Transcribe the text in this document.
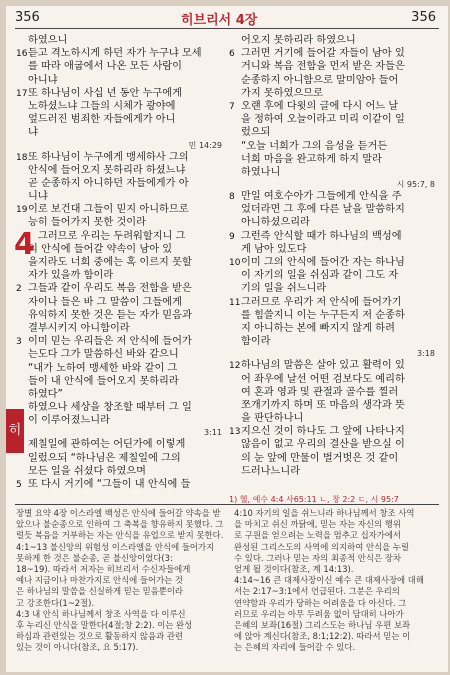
356	히브리서 4장	356
하였으니
16듣고 격노하시게 하던 자가 누구냐 모세
를 따라 애굽에서 나온 모든 사람이
아니냐
17또 하나님이 사십 년 동안 누구에게
노하셨느냐 그들의 시체가 광야에
엎드러진 범죄한 자들에게가 아니
냐
민 14:29
18또 하나님이 누구에게 맹세하사 그의
안식에 들어오지 못하리라 하셨느냐
곧 순종하지 아니하던 자들에게가 아
니냐
19이로 보건대 그들이 믿지 아니하므로
능히 들어가지 못한 것이라
4 그러므로 우리는 두려워할지니 그
의 안식에 들어갈 약속이 남아 있
을지라도 너희 중에는 혹 이르지 못할
자가 있을까 함이라
2 그들과 같이 우리도 복음 전함을 받은
자이나 들은 바 그 말씀이 그들에게
유익하지 못한 것은 듣는 자가 믿음과
결부시키지 아니함이라
3 이미 믿는 우리들은 저 안식에 들어가
는도다 그가 말씀하신 바와 같으니
“내가 노하여 맹세한 바와 같이 그
들이 내 안식에 들어오지 못하리라
하였다”
하였으나 세상을 창조할 때부터 그 일
이 이루어졌느니라
3:11
제칠일에 관하여는 어딘가에 이렇게
일렀으되 “하나님은 제칠일에 그의
모든 일을 쉬셨다 하였으며
5 또 다시 거기에 “그들이 내 안식에 들
어오지 못하리라 하였으니
6 그러면 거기에 들어갈 자들이 남아 있
거니와 복음 전함을 먼저 받은 자들은
순종하지 아니함으로 말미암아 들어
가지 못하였으므로
7 오랜 후에 다윗의 글에 다시 어느 날
을 정하여 오늘이라고 미리 이같이 일
렀으되
“오늘 너희가 그의 음성을 듣거든
너희 마음을 완고하게 하지 말라
하였나니
시 95:7, 8
8 만일 여호수아가 그들에게 안식을 주
었더라면 그 후에 다른 날을 말씀하지
아니하셨으리라
9 그런즉 안식할 때가 하나님의 백성에
게 남아 있도다
10이미 그의 안식에 들어간 자는 하나님
이 자기의 일을 쉬심과 같이 그도 자
기의 일을 쉬느니라
11그러므로 우리가 저 안식에 들어가기
를 힘쓸지니 이는 누구든지 저 순종하
지 아니하는 본에 빠지지 않게 하려
함이라
3:18
12하나님의 말씀은 살아 있고 활력이 있
어 좌우에 날선 어떤 검보다도 예리하
여 혼과 영과 및 관절과 골수를 찔러
쪼개기까지 하며 또 마음의 생각과 뜻
을 판단하나니
13지으신 것이 하나도 그 앞에 나타나지
않음이 없고 우리의 결산을 받으실 이
의 눈 앞에 만물이 벌거벗은 것 같이
드러나느니라
히
1) 헬, 예수 4:4 사65:11 ㄴ, 창 2:2 ㄷ, 시 95:7
장별 요약 4장 이스라엘 백성은 안식에 들어갈 약속을 받
았으나 불순종으로 인하여 그 축복을 향유하지 못했다. 그
럴듯 복음을 거부하는 자는 안식을 유업으로 받지 못한다.
4:1~13 불신앙의 위험성 이스라엘을 안식에 들어가지
못하게 한 것은 불순종, 곧 불신앙이었다(3:
18~19). 따라서 저자는 히브리서 수신자들에게
예나 지금이나 마찬가지로 안식에 들어가는 것
은 하나님의 말씀을 신실하게 믿는 믿음뿐이라
고 강조한다(1~2절).
4:3 내 안식 하나님께서 창조 사역을 다 이루신
후 누리신 안식을 말한다(4절;창 2:2). 이는 완성
하심과 관련있는 것으로 활동하지 않음과 관련
있는 것이 아니다(참조, 요 5:17).
4:10 자기의 일을 쉬느니라 하나님께서 창조 사역
을 마치고 쉬신 까닭에, 믿는 자는 자신의 행위
로 구원을 얻으려는 노력을 멈추고 십자가에서
완성된 그리스도의 사역에 의지하여 안식을 누릴
수 있다. 그러나 믿는 자의 최종적 안식은 장차
얻게 될 것이다(참조, 계 14:13).
4:14~16 큰 대제사장이신 예수 큰 대제사장에 대해
서는 2:17~3:1에서 언급된다. 그분은 우리의
연약함과 우리가 당하는 어려움을 다 아신다. 그
러므로 우리는 아무 두려움 없이 담대히 나아가
은혜의 보좌(16절) 그리스도는 하나님 우편 보좌
에 앉아 계신다(참조, 8:1;12:2). 따라서 믿는 이
는 은혜의 자리에 들어갈 수 있다.
